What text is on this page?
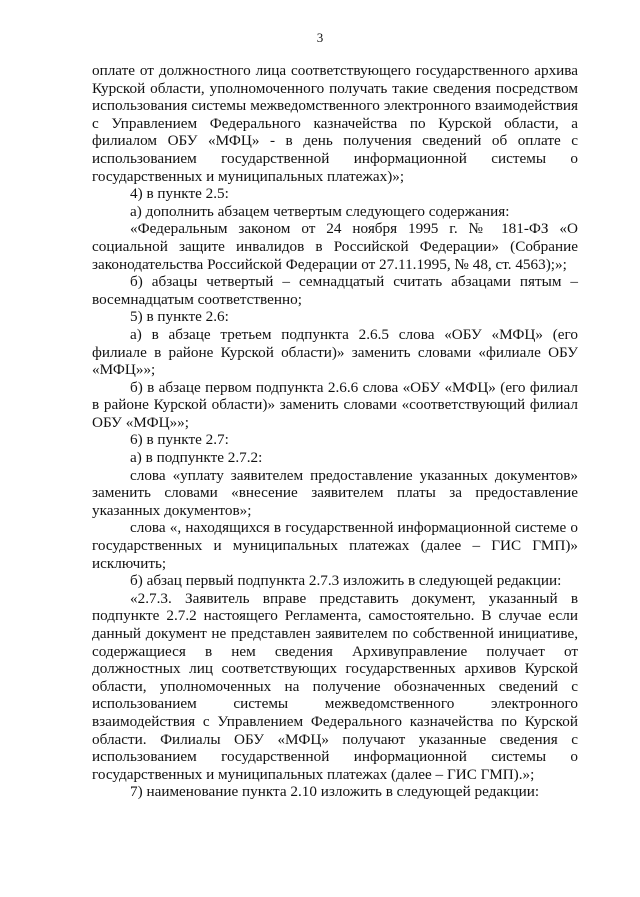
3

оплате от должностного лица соответствующего государственного архива Курской области, уполномоченного получать такие сведения посредством использования системы межведомственного электронного взаимодействия с Управлением Федерального казначейства по Курской области, а филиалом ОБУ «МФЦ» - в день получения сведений об оплате с использованием государственной информационной системы о государственных и муниципальных платежах)»;

4) в пункте 2.5:

а) дополнить абзацем четвертым следующего содержания:

«Федеральным законом от 24 ноября 1995 г. № 181-ФЗ «О социальной защите инвалидов в Российской Федерации» (Собрание законодательства Российской Федерации от 27.11.1995, № 48, ст. 4563);»;

б) абзацы четвертый – семнадцатый считать абзацами пятым – восемнадцатым соответственно;

5) в пункте 2.6:

а) в абзаце третьем подпункта 2.6.5 слова «ОБУ «МФЦ» (его филиале в районе Курской области)» заменить словами «филиале ОБУ «МФЦ»»;

б) в абзаце первом подпункта 2.6.6 слова «ОБУ «МФЦ» (его филиал в районе Курской области)» заменить словами «соответствующий филиал ОБУ «МФЦ»»;

6) в пункте 2.7:

а) в подпункте 2.7.2:

слова «уплату заявителем предоставление указанных документов» заменить словами «внесение заявителем платы за предоставление указанных документов»;

слова «, находящихся в государственной информационной системе о государственных и муниципальных платежах (далее – ГИС ГМП)» исключить;

б) абзац первый подпункта 2.7.3 изложить в следующей редакции:

«2.7.3. Заявитель вправе представить документ, указанный в подпункте 2.7.2 настоящего Регламента, самостоятельно. В случае если данный документ не представлен заявителем по собственной инициативе, содержащиеся в нем сведения Архивуправление получает от должностных лиц соответствующих государственных архивов Курской области, уполномоченных на получение обозначенных сведений с использованием системы межведомственного электронного взаимодействия с Управлением Федерального казначейства по Курской области. Филиалы ОБУ «МФЦ» получают указанные сведения с использованием государственной информационной системы о государственных и муниципальных платежах (далее – ГИС ГМП).»;

7) наименование пункта 2.10 изложить в следующей редакции:
